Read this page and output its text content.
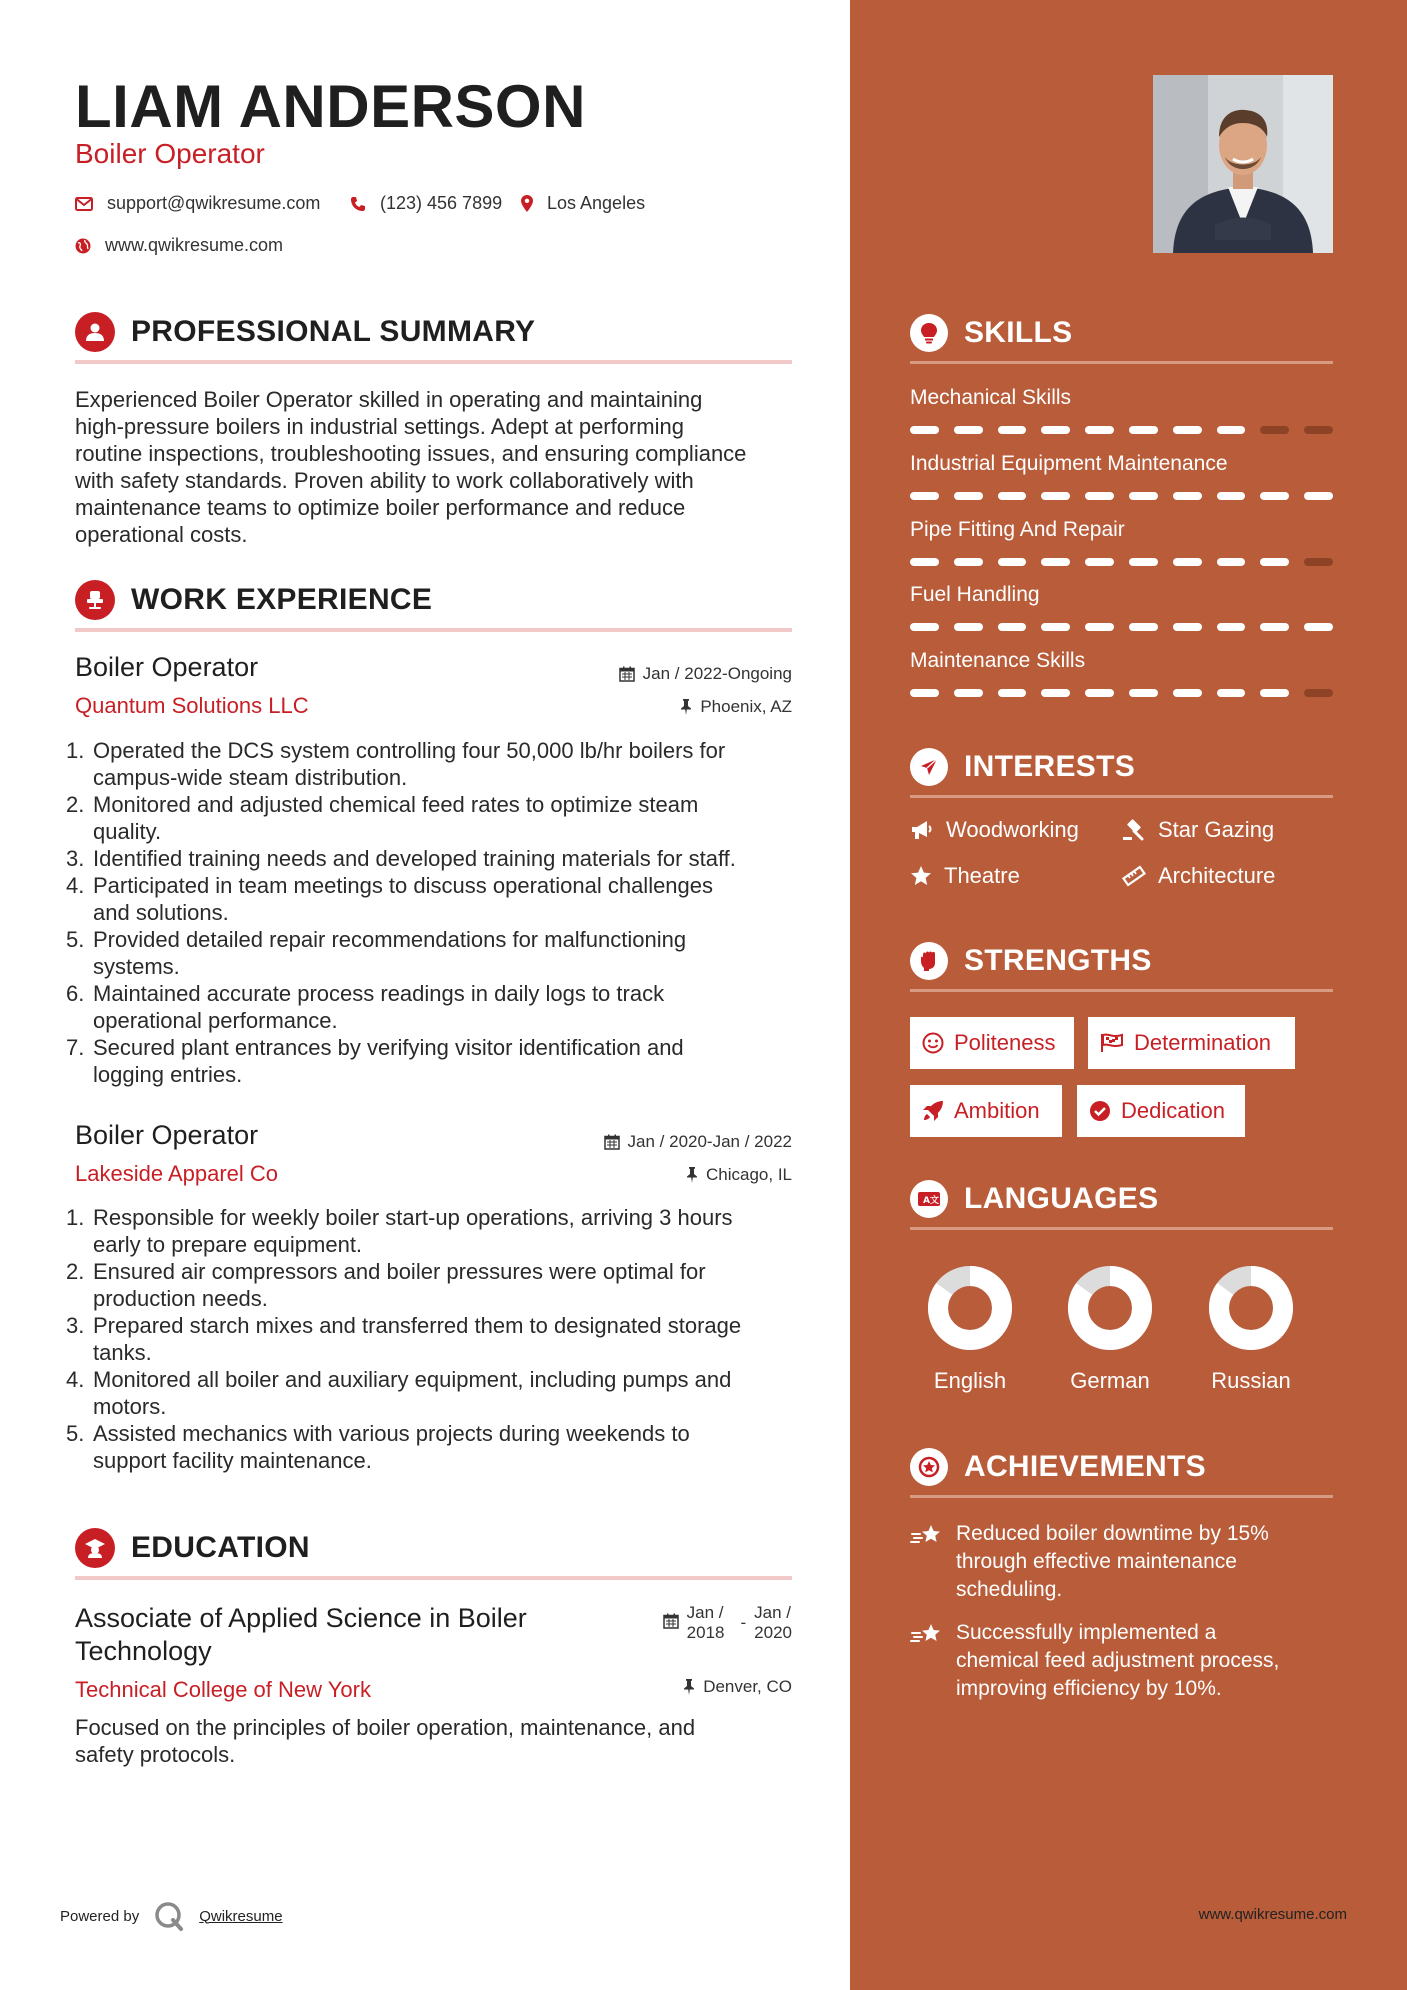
LIAM ANDERSON
Boiler Operator
support@qwikresume.com	(123) 456 7899 Los Angeles
www.qwikresume.com
PROFESSIONAL SUMMARY
Experienced Boiler Operator skilled in operating and maintaining
high-pressure boilers in industrial settings. Adept at performing
routine inspections, troubleshooting issues, and ensuring compliance
with safety standards. Proven ability to work collaboratively with
maintenance teams to optimize boiler performance and reduce
operational costs.
WORK EXPERIENCE
Boiler Operator
Quantum Solutions LLC
Jan / 2022-Ongoing
Phoenix, AZ
1. Operated the DCS system controlling four 50,000 lb/hr boilers for
campus-wide steam distribution.
2. Monitored and adjusted chemical feed rates to optimize steam
quality.
3. Identified training needs and developed training materials for staff.
4. Participated in team meetings to discuss operational challenges
and solutions.
5. Provided detailed repair recommendations for malfunctioning
systems.
6. Maintained accurate process readings in daily logs to track
operational performance.
7. Secured plant entrances by verifying visitor identification and
logging entries.
Boiler Operator
Lakeside Apparel Co
Jan / 2020-Jan / 2022
Chicago, IL
1. Responsible for weekly boiler start-up operations, arriving 3 hours
early to prepare equipment.
2. Ensured air compressors and boiler pressures were optimal for
production needs.
3. Prepared starch mixes and transferred them to designated storage
tanks.
4. Monitored all boiler and auxiliary equipment, including pumps and
motors.
5. Assisted mechanics with various projects during weekends to
support facility maintenance.
EDUCATION
Associate of Applied Science in Boiler
Technology
Technical College of New York
Jan /
2018
-
Jan /
2020
Denver, CO
Focused on the principles of boiler operation, maintenance, and
safety protocols.
Powered by	Qwikresume
SKILLS
Mechanical Skills
Industrial Equipment Maintenance
Pipe Fitting And Repair
Fuel Handling
Maintenance Skills
INTERESTS
Woodworking	Star Gazing
Theatre	Architecture
STRENGTHS
Politeness	Determination
Ambition	Dedication
A 文 LANGUAGES
English	German	Russian
ACHIEVEMENTS
Reduced boiler downtime by 15%
through effective maintenance
scheduling.
Successfully implemented a
chemical feed adjustment process,
improving efficiency by 10%.
www.qwikresume.com
